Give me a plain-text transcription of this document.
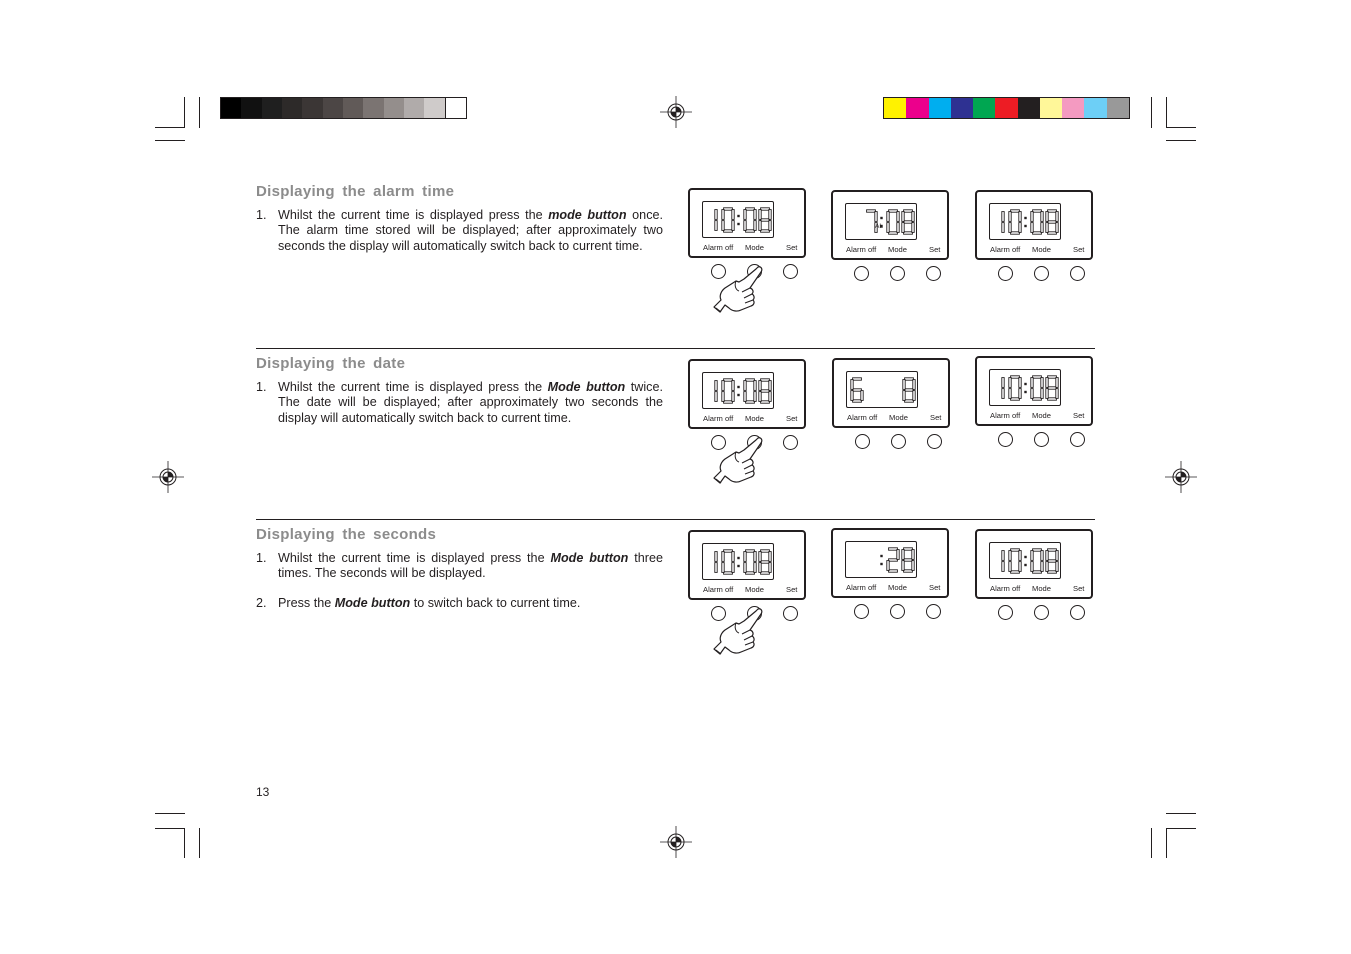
Displaying the alarm time
1. Whilst the current time is displayed press the mode button once. The alarm time stored will be displayed; after approximately two seconds the display will automatically switch back to current time.	Alarm off Mode	Set
AL
Alarm off Mode	Set	Alarm off Mode	Set
Displaying the date
1. Whilst the current time is displayed press the Mode button twice. The date will be displayed; after approximately two seconds the display will automatically switch back to current time.	Alarm off Mode	Set	Alarm off Mode	Set	Alarm off Mode	Set
Displaying the seconds
1. Whilst the current time is displayed press the Mode button three times. The seconds will be displayed.
2. Press the Mode button to switch back to current time.
Alarm off Mode	Set	Alarm off Mode	Set	Alarm off Mode	Set
13
